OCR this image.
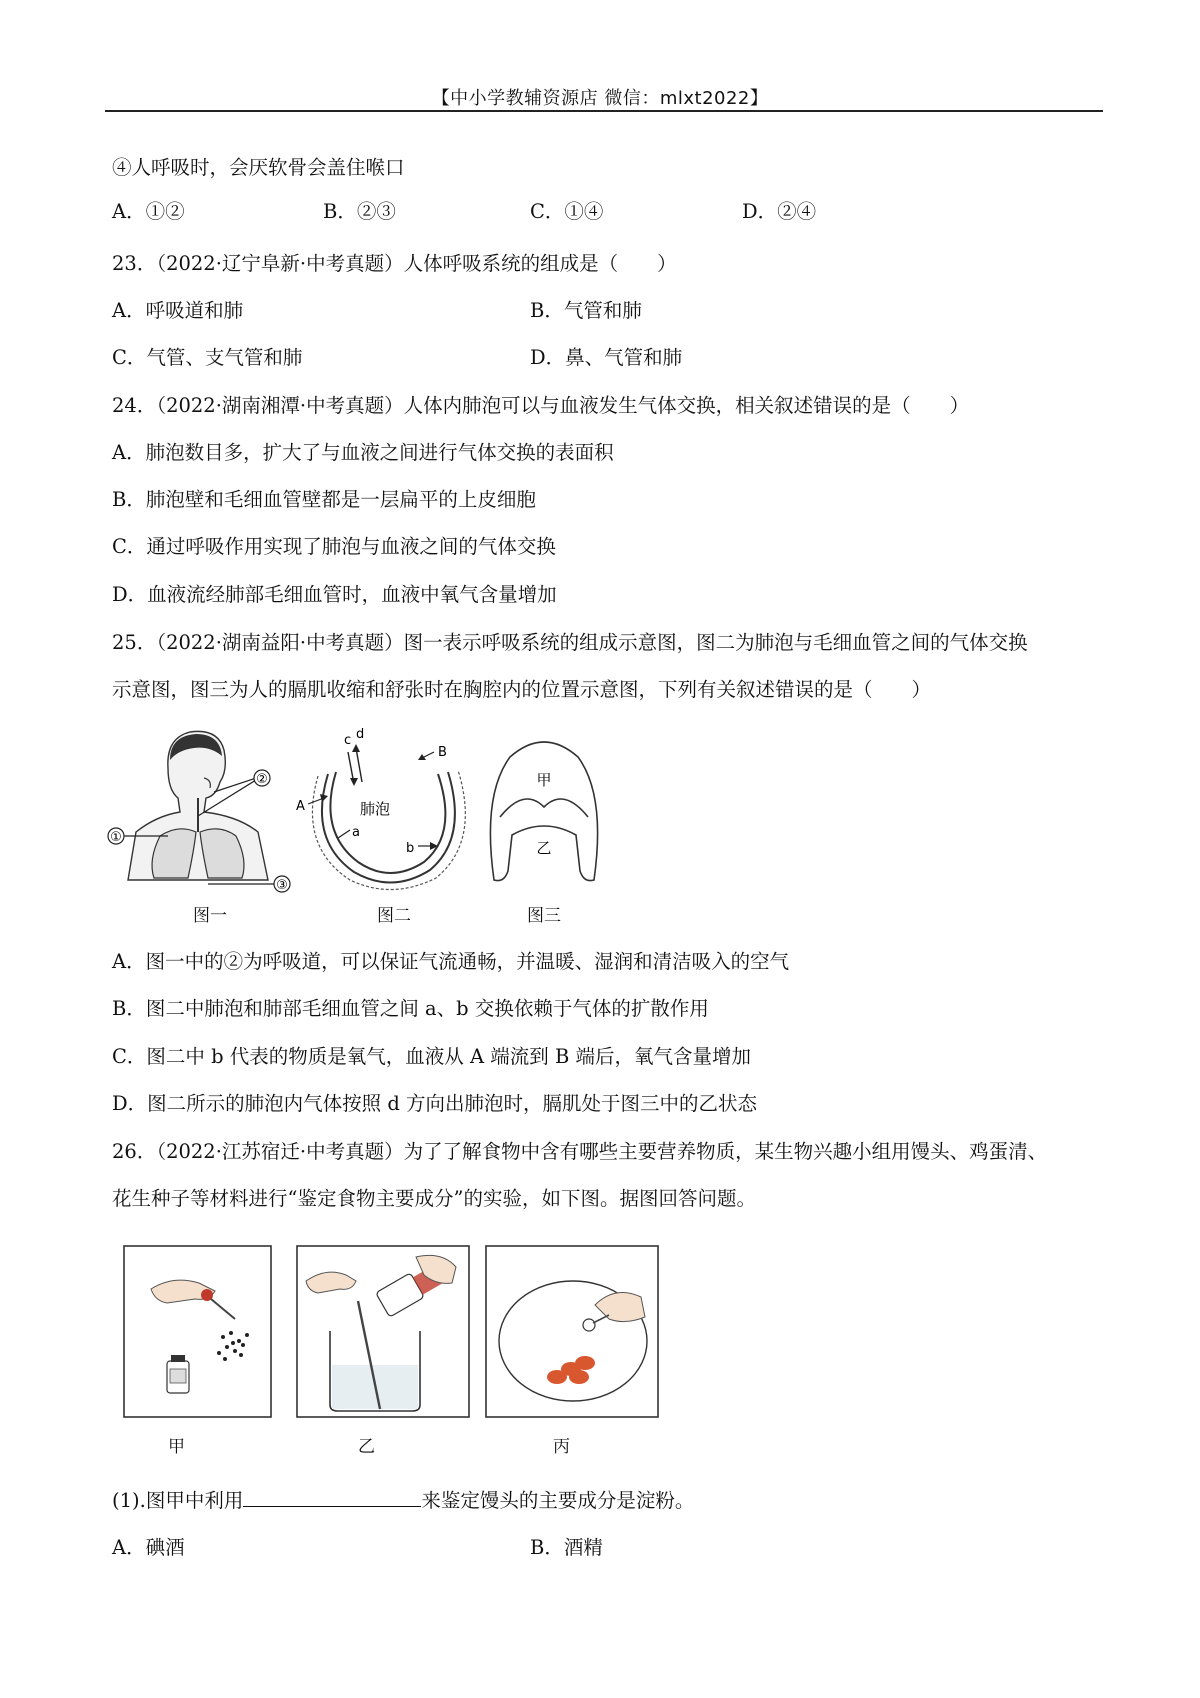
【中小学教辅资源店 微信：mlxt2022】
④人呼吸时，会厌软骨会盖住喉口
A．①②	B．②③	C．①④	D．②④
23．（2022·辽宁阜新·中考真题）人体呼吸系统的组成是（　　）
A．呼吸道和肺	B．气管和肺
C．气管、支气管和肺	D．鼻、气管和肺
24．（2022·湖南湘潭·中考真题）人体内肺泡可以与血液发生气体交换，相关叙述错误的是（　　）
A．肺泡数目多，扩大了与血液之间进行气体交换的表面积
B．肺泡壁和毛细血管壁都是一层扁平的上皮细胞
C．通过呼吸作用实现了肺泡与血液之间的气体交换
D．血液流经肺部毛细血管时，血液中氧气含量增加
25．（2022·湖南益阳·中考真题）图一表示呼吸系统的组成示意图，图二为肺泡与毛细血管之间的气体交换
示意图，图三为人的膈肌收缩和舒张时在胸腔内的位置示意图，下列有关叙述错误的是（　　）
②
①
③
图一
c d
B
A	肺泡
a
b
图二
甲
乙
图三
A．图一中的②为呼吸道，可以保证气流通畅，并温暖、湿润和清洁吸入的空气
B．图二中肺泡和肺部毛细血管之间 a、b 交换依赖于气体的扩散作用
C．图二中 b 代表的物质是氧气，血液从 A 端流到 B 端后，氧气含量增加
D．图二所示的肺泡内气体按照 d 方向出肺泡时，膈肌处于图三中的乙状态
26．（2022·江苏宿迁·中考真题）为了了解食物中含有哪些主要营养物质，某生物兴趣小组用馒头、鸡蛋清、
花生种子等材料进行“鉴定食物主要成分”的实验，如下图。据图回答问题。
甲	乙	丙
(1).图甲中利用	来鉴定馒头的主要成分是淀粉。
A．碘酒	B．酒精
